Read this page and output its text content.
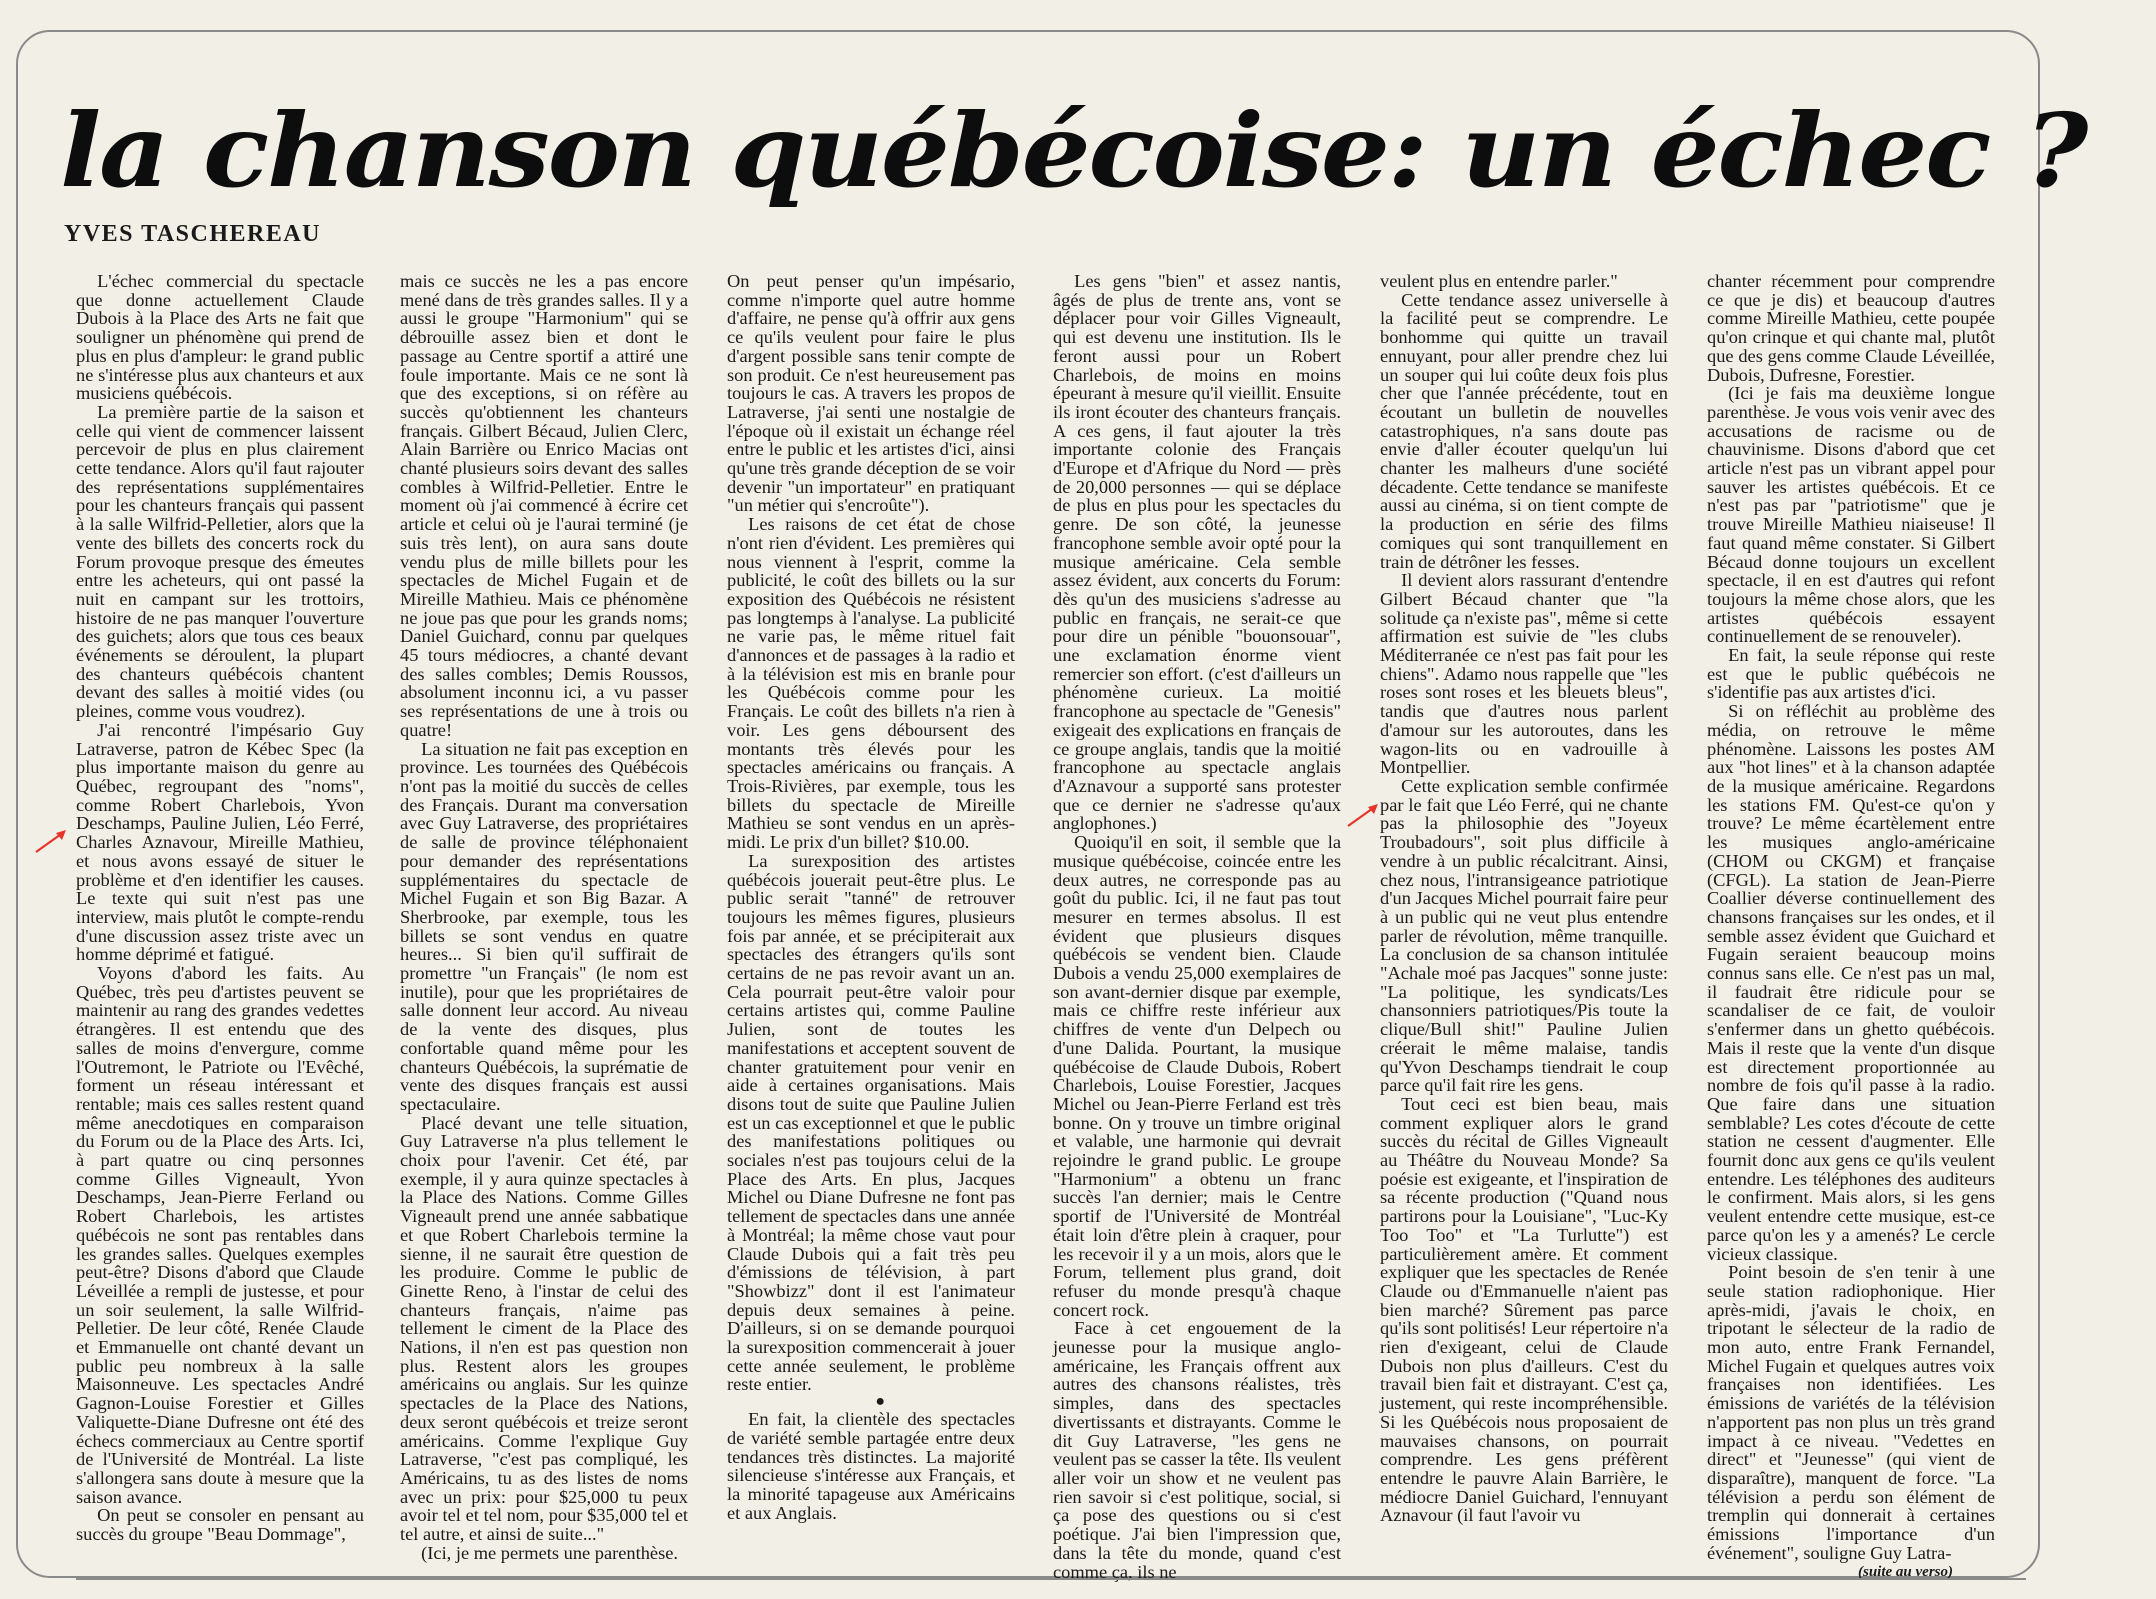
la chanson québécoise: un échec ?
YVES TASCHEREAU

L'échec commercial du spectacle que donne actuellement Claude Dubois à la Place des Arts ne fait que souligner un phénomène qui prend de plus en plus d'ampleur: le grand public ne s'intéresse plus aux chanteurs et aux musiciens québécois.

La première partie de la saison et celle qui vient de commencer laissent percevoir de plus en plus clairement cette tendance. Alors qu'il faut rajouter des représentations supplémentaires pour les chanteurs français qui passent à la salle Wilfrid-Pelletier, alors que la vente des billets des concerts rock du Forum provoque presque des émeutes entre les acheteurs, qui ont passé la nuit en campant sur les trottoirs, histoire de ne pas manquer l'ouverture des guichets; alors que tous ces beaux événements se déroulent, la plupart des chanteurs québécois chantent devant des salles à moitié vides (ou pleines, comme vous voudrez).

J'ai rencontré l'impésario Guy Latraverse, patron de Kébec Spec (la plus importante maison du genre au Québec, regroupant des "noms", comme Robert Charlebois, Yvon Deschamps, Pauline Julien, Léo Ferré, Charles Aznavour, Mireille Mathieu, et nous avons essayé de situer le problème et d'en identifier les causes. Le texte qui suit n'est pas une interview, mais plutôt le compte-rendu d'une discussion assez triste avec un homme déprimé et fatigué.

Voyons d'abord les faits. Au Québec, très peu d'artistes peuvent se maintenir au rang des grandes vedettes étrangères. Il est entendu que des salles de moins d'envergure, comme l'Outremont, le Patriote ou l'Evêché, forment un réseau intéressant et rentable; mais ces salles restent quand même anecdotiques en comparaison du Forum ou de la Place des Arts. Ici, à part quatre ou cinq personnes comme Gilles Vigneault, Yvon Deschamps, Jean-Pierre Ferland ou Robert Charlebois, les artistes québécois ne sont pas rentables dans les grandes salles. Quelques exemples peut-être? Disons d'abord que Claude Léveillée a rempli de justesse, et pour un soir seulement, la salle Wilfrid-Pelletier. De leur côté, Renée Claude et Emmanuelle ont chanté devant un public peu nombreux à la salle Maisonneuve. Les spectacles André Gagnon-Louise Forestier et Gilles Valiquette-Diane Dufresne ont été des échecs commerciaux au Centre sportif de l'Université de Montréal. La liste s'allongera sans doute à mesure que la saison avance.

On peut se consoler en pensant au succès du groupe "Beau Dommage",

mais ce succès ne les a pas encore mené dans de très grandes salles. Il y a aussi le groupe "Harmonium" qui se débrouille assez bien et dont le passage au Centre sportif a attiré une foule importante. Mais ce ne sont là que des exceptions, si on réfère au succès qu'obtiennent les chanteurs français. Gilbert Bécaud, Julien Clerc, Alain Barrière ou Enrico Macias ont chanté plusieurs soirs devant des salles combles à Wilfrid-Pelletier. Entre le moment où j'ai commencé à écrire cet article et celui où je l'aurai terminé (je suis très lent), on aura sans doute vendu plus de mille billets pour les spectacles de Michel Fugain et de Mireille Mathieu. Mais ce phénomène ne joue pas que pour les grands noms; Daniel Guichard, connu par quelques 45 tours médiocres, a chanté devant des salles combles; Demis Roussos, absolument inconnu ici, a vu passer ses représentations de une à trois ou quatre!

La situation ne fait pas exception en province. Les tournées des Québécois n'ont pas la moitié du succès de celles des Français. Durant ma conversation avec Guy Latraverse, des propriétaires de salle de province téléphonaient pour demander des représentations supplémentaires du spectacle de Michel Fugain et son Big Bazar. A Sherbrooke, par exemple, tous les billets se sont vendus en quatre heures... Si bien qu'il suffirait de promettre "un Français" (le nom est inutile), pour que les propriétaires de salle donnent leur accord. Au niveau de la vente des disques, plus confortable quand même pour les chanteurs Québécois, la suprématie de vente des disques français est aussi spectaculaire.

Placé devant une telle situation, Guy Latraverse n'a plus tellement le choix pour l'avenir. Cet été, par exemple, il y aura quinze spectacles à la Place des Nations. Comme Gilles Vigneault prend une année sabbatique et que Robert Charlebois termine la sienne, il ne saurait être question de les produire. Comme le public de Ginette Reno, à l'instar de celui des chanteurs français, n'aime pas tellement le ciment de la Place des Nations, il n'en est pas question non plus. Restent alors les groupes américains ou anglais. Sur les quinze spectacles de la Place des Nations, deux seront québécois et treize seront américains. Comme l'explique Guy Latraverse, "c'est pas compliqué, les Américains, tu as des listes de noms avec un prix: pour $25,000 tu peux avoir tel et tel nom, pour $35,000 tel et tel autre, et ainsi de suite..."

(Ici, je me permets une parenthèse.

On peut penser qu'un impésario, comme n'importe quel autre homme d'affaire, ne pense qu'à offrir aux gens ce qu'ils veulent pour faire le plus d'argent possible sans tenir compte de son produit. Ce n'est heureusement pas toujours le cas. A travers les propos de Latraverse, j'ai senti une nostalgie de l'époque où il existait un échange réel entre le public et les artistes d'ici, ainsi qu'une très grande déception de se voir devenir "un importateur" en pratiquant "un métier qui s'encroûte").

Les raisons de cet état de chose n'ont rien d'évident. Les premières qui nous viennent à l'esprit, comme la publicité, le coût des billets ou la sur exposition des Québécois ne résistent pas longtemps à l'analyse. La publicité ne varie pas, le même rituel fait d'annonces et de passages à la radio et à la télévision est mis en branle pour les Québécois comme pour les Français. Le coût des billets n'a rien à voir. Les gens déboursent des montants très élevés pour les spectacles américains ou français. A Trois-Rivières, par exemple, tous les billets du spectacle de Mireille Mathieu se sont vendus en un après-midi. Le prix d'un billet? $10.00.

La surexposition des artistes québécois jouerait peut-être plus. Le public serait "tanné" de retrouver toujours les mêmes figures, plusieurs fois par année, et se précipiterait aux spectacles des étrangers qu'ils sont certains de ne pas revoir avant un an. Cela pourrait peut-être valoir pour certains artistes qui, comme Pauline Julien, sont de toutes les manifestations et acceptent souvent de chanter gratuitement pour venir en aide à certaines organisations. Mais disons tout de suite que Pauline Julien est un cas exceptionnel et que le public des manifestations politiques ou sociales n'est pas toujours celui de la Place des Arts. En plus, Jacques Michel ou Diane Dufresne ne font pas tellement de spectacles dans une année à Montréal; la même chose vaut pour Claude Dubois qui a fait très peu d'émissions de télévision, à part "Showbizz" dont il est l'animateur depuis deux semaines à peine. D'ailleurs, si on se demande pourquoi la surexposition commencerait à jouer cette année seulement, le problème reste entier.

●

En fait, la clientèle des spectacles de variété semble partagée entre deux tendances très distinctes. La majorité silencieuse s'intéresse aux Français, et la minorité tapageuse aux Américains et aux Anglais.

Les gens "bien" et assez nantis, âgés de plus de trente ans, vont se déplacer pour voir Gilles Vigneault, qui est devenu une institution. Ils le feront aussi pour un Robert Charlebois, de moins en moins épeurant à mesure qu'il vieillit. Ensuite ils iront écouter des chanteurs français. A ces gens, il faut ajouter la très importante colonie des Français d'Europe et d'Afrique du Nord — près de 20,000 personnes — qui se déplace de plus en plus pour les spectacles du genre. De son côté, la jeunesse francophone semble avoir opté pour la musique américaine. Cela semble assez évident, aux concerts du Forum: dès qu'un des musiciens s'adresse au public en français, ne serait-ce que pour dire un pénible "bouonsouar", une exclamation énorme vient remercier son effort. (c'est d'ailleurs un phénomène curieux. La moitié francophone au spectacle de "Genesis" exigeait des explications en français de ce groupe anglais, tandis que la moitié francophone au spectacle anglais d'Aznavour a supporté sans protester que ce dernier ne s'adresse qu'aux anglophones.)

Quoiqu'il en soit, il semble que la musique québécoise, coincée entre les deux autres, ne corresponde pas au goût du public. Ici, il ne faut pas tout mesurer en termes absolus. Il est évident que plusieurs disques québécois se vendent bien. Claude Dubois a vendu 25,000 exemplaires de son avant-dernier disque par exemple, mais ce chiffre reste inférieur aux chiffres de vente d'un Delpech ou d'une Dalida. Pourtant, la musique québécoise de Claude Dubois, Robert Charlebois, Louise Forestier, Jacques Michel ou Jean-Pierre Ferland est très bonne. On y trouve un timbre original et valable, une harmonie qui devrait rejoindre le grand public. Le groupe "Harmonium" a obtenu un franc succès l'an dernier; mais le Centre sportif de l'Université de Montréal était loin d'être plein à craquer, pour les recevoir il y a un mois, alors que le Forum, tellement plus grand, doit refuser du monde presqu'à chaque concert rock.

Face à cet engouement de la jeunesse pour la musique anglo-américaine, les Français offrent aux autres des chansons réalistes, très simples, dans des spectacles divertissants et distrayants. Comme le dit Guy Latraverse, "les gens ne veulent pas se casser la tête. Ils veulent aller voir un show et ne veulent pas rien savoir si c'est politique, social, si ça pose des questions ou si c'est poétique. J'ai bien l'impression que, dans la tête du monde, quand c'est comme ça, ils ne

veulent plus en entendre parler."

Cette tendance assez universelle à la facilité peut se comprendre. Le bonhomme qui quitte un travail ennuyant, pour aller prendre chez lui un souper qui lui coûte deux fois plus cher que l'année précédente, tout en écoutant un bulletin de nouvelles catastrophiques, n'a sans doute pas envie d'aller écouter quelqu'un lui chanter les malheurs d'une société décadente. Cette tendance se manifeste aussi au cinéma, si on tient compte de la production en série des films comiques qui sont tranquillement en train de détrôner les fesses.

Il devient alors rassurant d'entendre Gilbert Bécaud chanter que "la solitude ça n'existe pas", même si cette affirmation est suivie de "les clubs Méditerranée ce n'est pas fait pour les chiens". Adamo nous rappelle que "les roses sont roses et les bleuets bleus", tandis que d'autres nous parlent d'amour sur les autoroutes, dans les wagon-lits ou en vadrouille à Montpellier.

Cette explication semble confirmée par le fait que Léo Ferré, qui ne chante pas la philosophie des "Joyeux Troubadours", soit plus difficile à vendre à un public récalcitrant. Ainsi, chez nous, l'intransigeance patriotique d'un Jacques Michel pourrait faire peur à un public qui ne veut plus entendre parler de révolution, même tranquille. La conclusion de sa chanson intitulée "Achale moé pas Jacques" sonne juste: "La politique, les syndicats/Les chansonniers patriotiques/Pis toute la clique/Bull shit!" Pauline Julien créerait le même malaise, tandis qu'Yvon Deschamps tiendrait le coup parce qu'il fait rire les gens.

Tout ceci est bien beau, mais comment expliquer alors le grand succès du récital de Gilles Vigneault au Théâtre du Nouveau Monde? Sa poésie est exigeante, et l'inspiration de sa récente production ("Quand nous partirons pour la Louisiane", "Luc-Ky Too Too" et "La Turlutte") est particulièrement amère. Et comment expliquer que les spectacles de Renée Claude ou d'Emmanuelle n'aient pas bien marché? Sûrement pas parce qu'ils sont politisés! Leur répertoire n'a rien d'exigeant, celui de Claude Dubois non plus d'ailleurs. C'est du travail bien fait et distrayant. C'est ça, justement, qui reste incompréhensible. Si les Québécois nous proposaient de mauvaises chansons, on pourrait comprendre. Les gens préfèrent entendre le pauvre Alain Barrière, le médiocre Daniel Guichard, l'ennuyant Aznavour (il faut l'avoir vu

chanter récemment pour comprendre ce que je dis) et beaucoup d'autres comme Mireille Mathieu, cette poupée qu'on crinque et qui chante mal, plutôt que des gens comme Claude Léveillée, Dubois, Dufresne, Forestier.

(Ici je fais ma deuxième longue parenthèse. Je vous vois venir avec des accusations de racisme ou de chauvinisme. Disons d'abord que cet article n'est pas un vibrant appel pour sauver les artistes québécois. Et ce n'est pas par "patriotisme" que je trouve Mireille Mathieu niaiseuse! Il faut quand même constater. Si Gilbert Bécaud donne toujours un excellent spectacle, il en est d'autres qui refont toujours la même chose alors, que les artistes québécois essayent continuellement de se renouveler).

En fait, la seule réponse qui reste est que le public québécois ne s'identifie pas aux artistes d'ici.

Si on réfléchit au problème des média, on retrouve le même phénomène. Laissons les postes AM aux "hot lines" et à la chanson adaptée de la musique américaine. Regardons les stations FM. Qu'est-ce qu'on y trouve? Le même écartèlement entre les musiques anglo-américaine (CHOM ou CKGM) et française (CFGL). La station de Jean-Pierre Coallier déverse continuellement des chansons françaises sur les ondes, et il semble assez évident que Guichard et Fugain seraient beaucoup moins connus sans elle. Ce n'est pas un mal, il faudrait être ridicule pour se scandaliser de ce fait, de vouloir s'enfermer dans un ghetto québécois. Mais il reste que la vente d'un disque est directement proportionnée au nombre de fois qu'il passe à la radio. Que faire dans une situation semblable? Les cotes d'écoute de cette station ne cessent d'augmenter. Elle fournit donc aux gens ce qu'ils veulent entendre. Les téléphones des auditeurs le confirment. Mais alors, si les gens veulent entendre cette musique, est-ce parce qu'on les y a amenés? Le cercle vicieux classique.

Point besoin de s'en tenir à une seule station radiophonique. Hier après-midi, j'avais le choix, en tripotant le sélecteur de la radio de mon auto, entre Frank Fernandel, Michel Fugain et quelques autres voix françaises non identifiées. Les émissions de variétés de la télévision n'apportent pas non plus un très grand impact à ce niveau. "Vedettes en direct" et "Jeunesse" (qui vient de disparaître), manquent de force. "La télévision a perdu son élément de tremplin qui donnerait à certaines émissions l'importance d'un événement", souligne Guy Latra-

(suite au verso)
